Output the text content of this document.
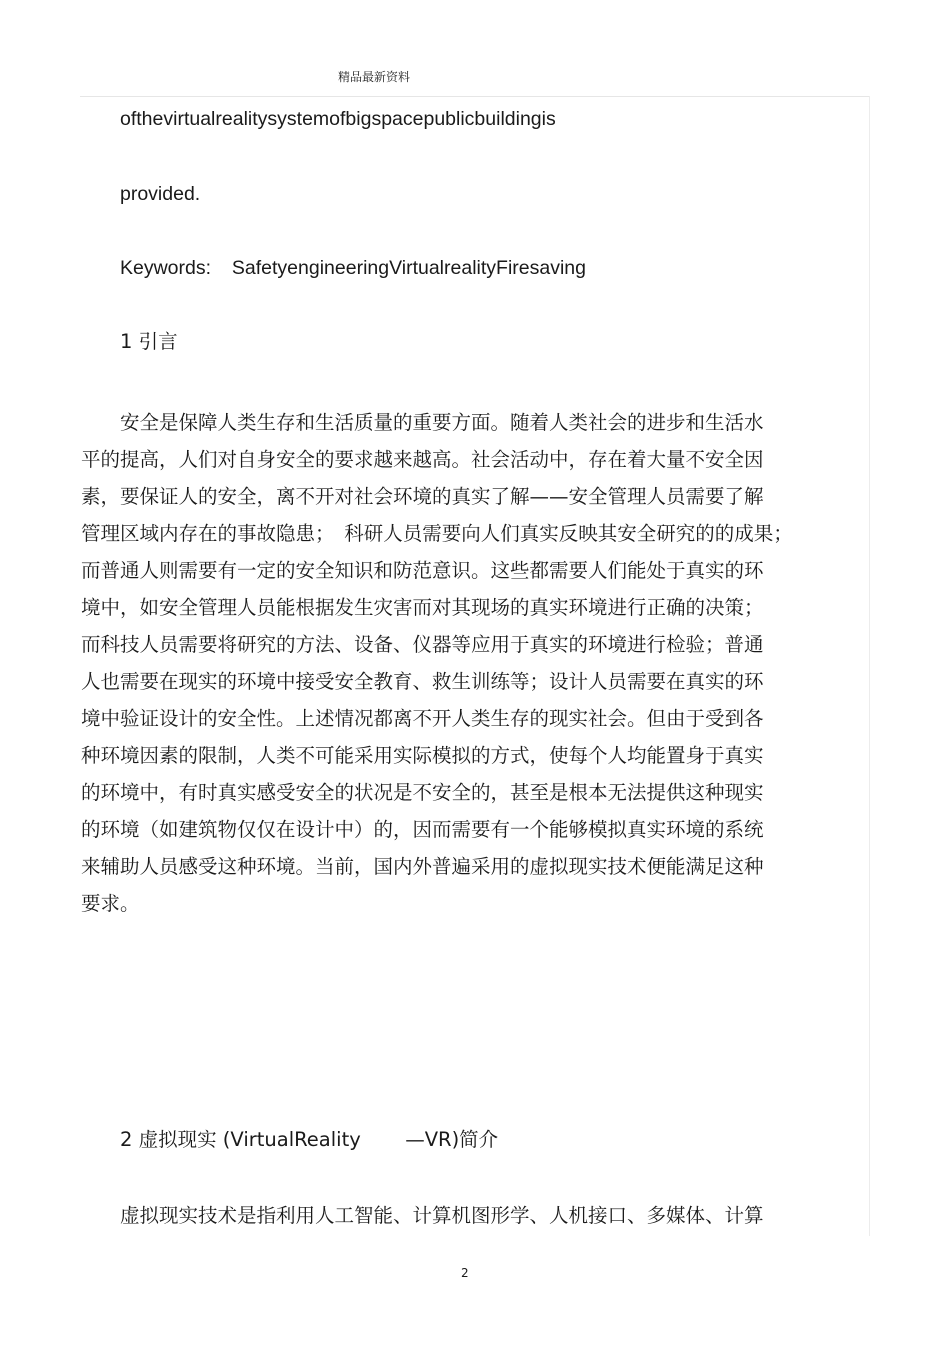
精品最新资料
ofthevirtualrealitysystemofbigspacepublicbuildingis
provided.
Keywords: SafetyengineeringVirtualrealityFiresaving
1 引言
　　安全是保障人类生存和生活质量的重要方面。随着人类社会的进步和生活水
平的提高，人们对自身安全的要求越来越高。社会活动中，存在着大量不安全因
素，要保证人的安全，离不开对社会环境的真实了解——安全管理人员需要了解
管理区域内存在的事故隐患；　科研人员需要向人们真实反映其安全研究的的成果；
而普通人则需要有一定的安全知识和防范意识。这些都需要人们能处于真实的环
境中，如安全管理人员能根据发生灾害而对其现场的真实环境进行正确的决策；
而科技人员需要将研究的方法、设备、仪器等应用于真实的环境进行检验；普通
人也需要在现实的环境中接受安全教育、救生训练等；设计人员需要在真实的环
境中验证设计的安全性。上述情况都离不开人类生存的现实社会。但由于受到各
种环境因素的限制，人类不可能采用实际模拟的方式，使每个人均能置身于真实
的环境中，有时真实感受安全的状况是不安全的，甚至是根本无法提供这种现实
的环境（如建筑物仅仅在设计中）的，因而需要有一个能够模拟真实环境的系统
来辅助人员感受这种环境。当前，国内外普遍采用的虚拟现实技术便能满足这种
要求。
2 虚拟现实 (VirtualReality —VR)简介
　　虚拟现实技术是指利用人工智能、计算机图形学、人机接口、多媒体、计算
2
